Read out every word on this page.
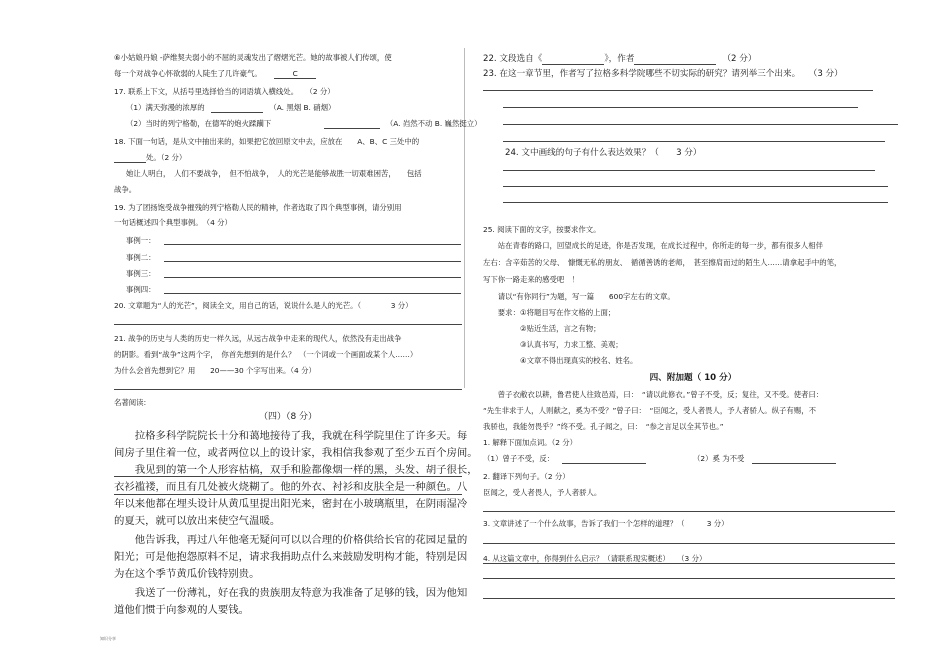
⑥小姑娘丹娘 -萨维契夫弱小的不屈的灵魂发出了熠熠光芒。她的故事被人们传颂，使
每一个对战争心怀欲弱的人陡生了几许豪气。	C
17. 联系上下文，从括号里选择恰当的词语填入横线处。　　（2 分）
（1）满天弥漫的浓厚的	（A. 黑烟 B. 硝烟）
（2）当时的列宁格勒，在德军的炮火蹂躏下	（A. 岿然不动 B. 巍然挺立）
18. 下面一句话，是从文中抽出来的，如果把它放回原文中去，应放在　　A、B、C 三处中的
处。（2 分）
她让人明白，　人们不要战争，　但不怕战争，　人的光芒是能够战胜一切艰难困苦，　　包括
战争。
19. 为了团扬饱受战争摧残的列宁格勒人民的精神，作者选取了四个典型事例，请分别用
一句话概述四个典型事例。　（4 分）
事例一：
事例二：
事例三：
事例四：
20. 文章题为“人的光芒”，阅读全文，用自己的话，说说什么是人的光芒。（　　　　3 分）
21. 战争的历史与人类的历史一样久远，从远古战争中走来的现代人，依然没有走出战争
的阴影。看到“战争”这两个字，　你首先想到的是什么？　（一个词或一个画面或某个人……）
为什么会首先想到它？用　　20——30 个字写出来。（4 分）
名著阅读:
（四）（8 分）
　　拉格多科学院院长十分和蔼地接待了我，我就在科学院里住了许多天。每
间房子里住着一位，或者两位以上的设计家，我相信我参观了至少五百个房间。
　　我见到的第一个人形容枯槁，双手和脸都像烟一样的黑，头发、胡子很长，
衣衫褴褛，而且有几处被火烧糊了。他的外衣、衬衫和皮肤全是一种颜色。八
年以来他都在埋头设计从黄瓜里提出阳光来，密封在小玻璃瓶里，在阴雨湿冷
的夏天，就可以放出来使空气温暖。
　　他告诉我，再过八年他毫无疑问可以以合理的价格供给长官的花园足量的
阳光；可是他抱怨原料不足，请求我捐助点什么来鼓励发明构才能，特别是因
为在这个季节黄瓜价钱特别贵。
　　我送了一份薄礼，好在我的贵族朋友特意为我准备了足够的钱，因为他知
道他们惯于向参观的人要钱。
22. 文段选自《	》，作者	（2 分）
23. 在这一章节里，作者写了拉格多科学院哪些不切实际的研究？请列举三个出来。　　（3 分）
24. 文中画线的句子有什么表达效果？（　　3 分）
25. 阅读下面的文字，按要求作文。
　　站在青春的路口，回望成长的足迹，你是否发现，在成长过程中，你所走的每一步，都有很多人相伴
左右：含辛茹苦的父母、　慷慨无私的朋友、　循循善诱的老师，　甚至擦肩而过的陌生人……请拿起手中的笔，
写下你一路走来的感受吧　！
　　请以“有你同行”为题，写一篇　　600字左右的文章。
　　要求：①将题目写在作文格的上面；
　　　　　②贴近生活，言之有物；
　　　　　③认真书写，力求工整、美观；
　　　　　④文章不得出现真实的校名、姓名。
四、附加题（ 10 分）
　　曾子衣敝衣以耕，鲁君使人往致邑焉，曰：　“请以此修衣。”曾子不受，反；复往，又不受。使者曰：
“先生非求于人，人则献之，奚为不受？”曾子曰：　“臣闻之，受人者畏人，予人者骄人。纵子有赐，不
我骄也，我能勿畏乎？”终不受。孔子闻之，曰：　“参之言足以全其节也。”
1. 解释下面加点词。（2 分）
（1）曾子不受，反：	（2）奚 为不受
2. 翻译下列句子。（2 分）
臣闻之，受人者畏人，予人者骄人。
3. 文章讲述了一个什么故事，告诉了我们一个怎样的道理？（　　　3 分）
4. 从这篇文章中，你得到什么启示？（请联系现实概述）　　（3 分）
知识分享
